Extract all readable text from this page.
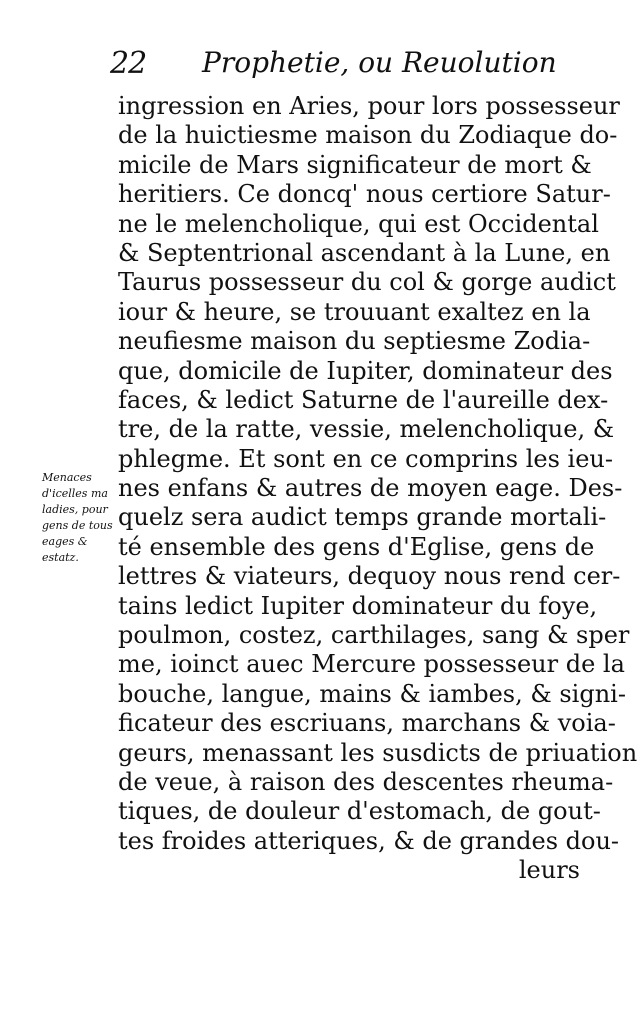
22 Prophetie, ou Reuolution
ingression en Aries, pour lors possesseur
de la huictiesme maison du Zodiaque do-
micile de Mars significateur de mort &
heritiers. Ce doncq' nous certiore Satur-
ne le melencholique, qui est Occidental
& Septentrional ascendant à la Lune, en
Taurus possesseur du col & gorge audict
iour & heure, se trouuant exaltez en la
neufiesme maison du septiesme Zodia-
que, domicile de Iupiter, dominateur des
faces, & ledict Saturne de l'aureille dex-
tre, de la ratte, vessie, melencholique, &
phlegme. Et sont en ce comprins les ieu-
nes enfans & autres de moyen eage. Des-
quelz sera audict temps grande mortali-
té ensemble des gens d'Eglise, gens de
lettres & viateurs, dequoy nous rend cer-
tains ledict Iupiter dominateur du foye,
poulmon, costez, carthilages, sang & sper
me, ioinct auec Mercure possesseur de la
bouche, langue, mains & iambes, & signi-
ficateur des escriuans, marchans & voia-
geurs, menassant les susdicts de priuation
de veue, à raison des descentes rheuma-
tiques, de douleur d'estomach, de gout-
tes froides atteriques, & de grandes dou-
leurs
Menaces
d'icelles ma
ladies, pour
gens de tous
eages &
estatz.
